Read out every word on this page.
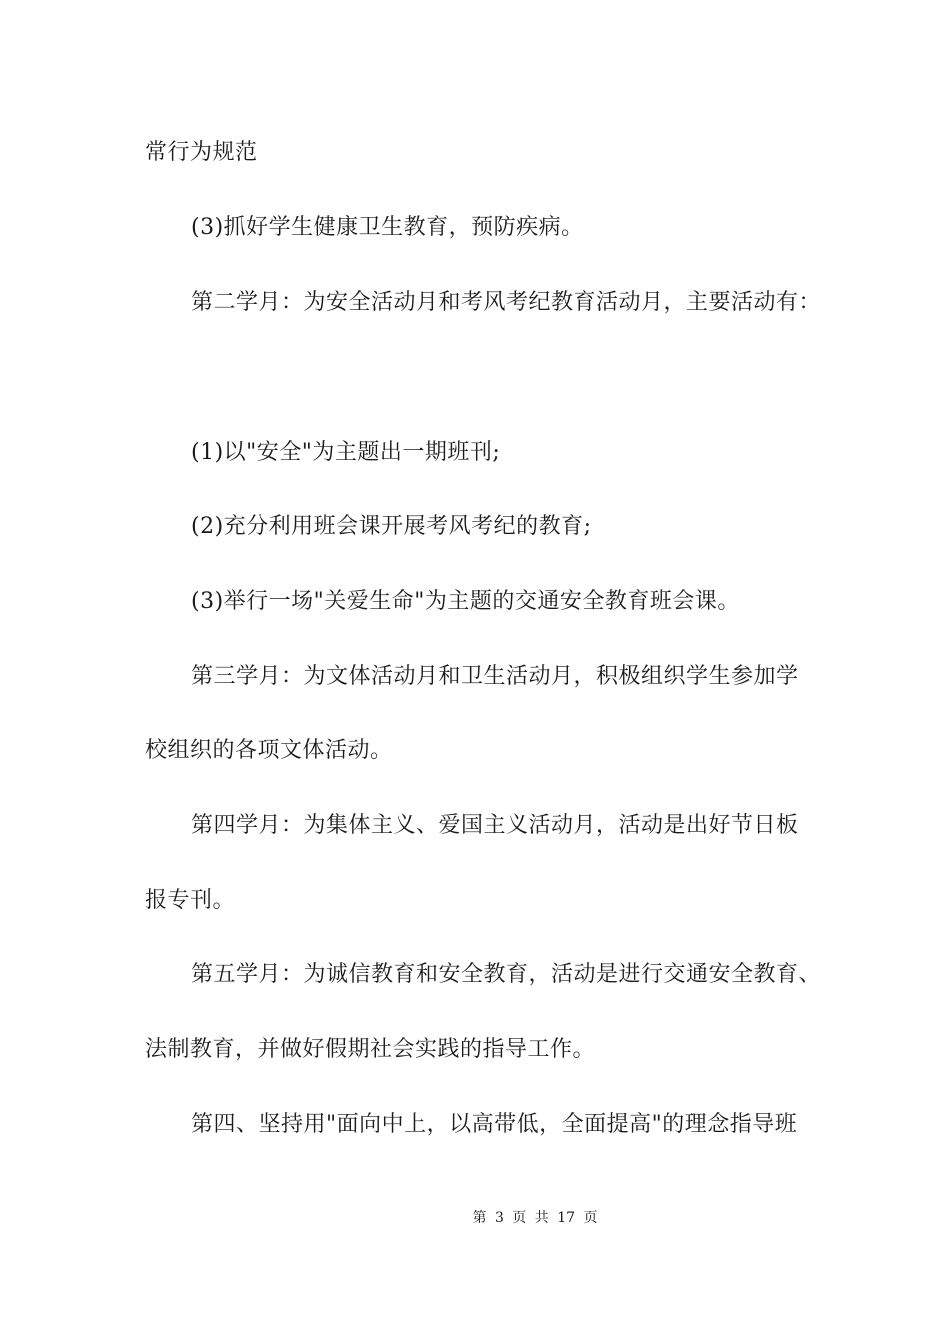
常行为规范
(3)抓好学生健康卫生教育，预防疾病。
第二学月：为安全活动月和考风考纪教育活动月，主要活动有：
(1)以"安全"为主题出一期班刊;
(2)充分利用班会课开展考风考纪的教育;
(3)举行一场"关爱生命"为主题的交通安全教育班会课。
第三学月：为文体活动月和卫生活动月，积极组织学生参加学
校组织的各项文体活动。
第四学月：为集体主义、爱国主义活动月，活动是出好节日板
报专刊。
第五学月：为诚信教育和安全教育，活动是进行交通安全教育、
法制教育，并做好假期社会实践的指导工作。
第四、坚持用"面向中上，以高带低，全面提高"的理念指导班
第 3 页 共 17 页
